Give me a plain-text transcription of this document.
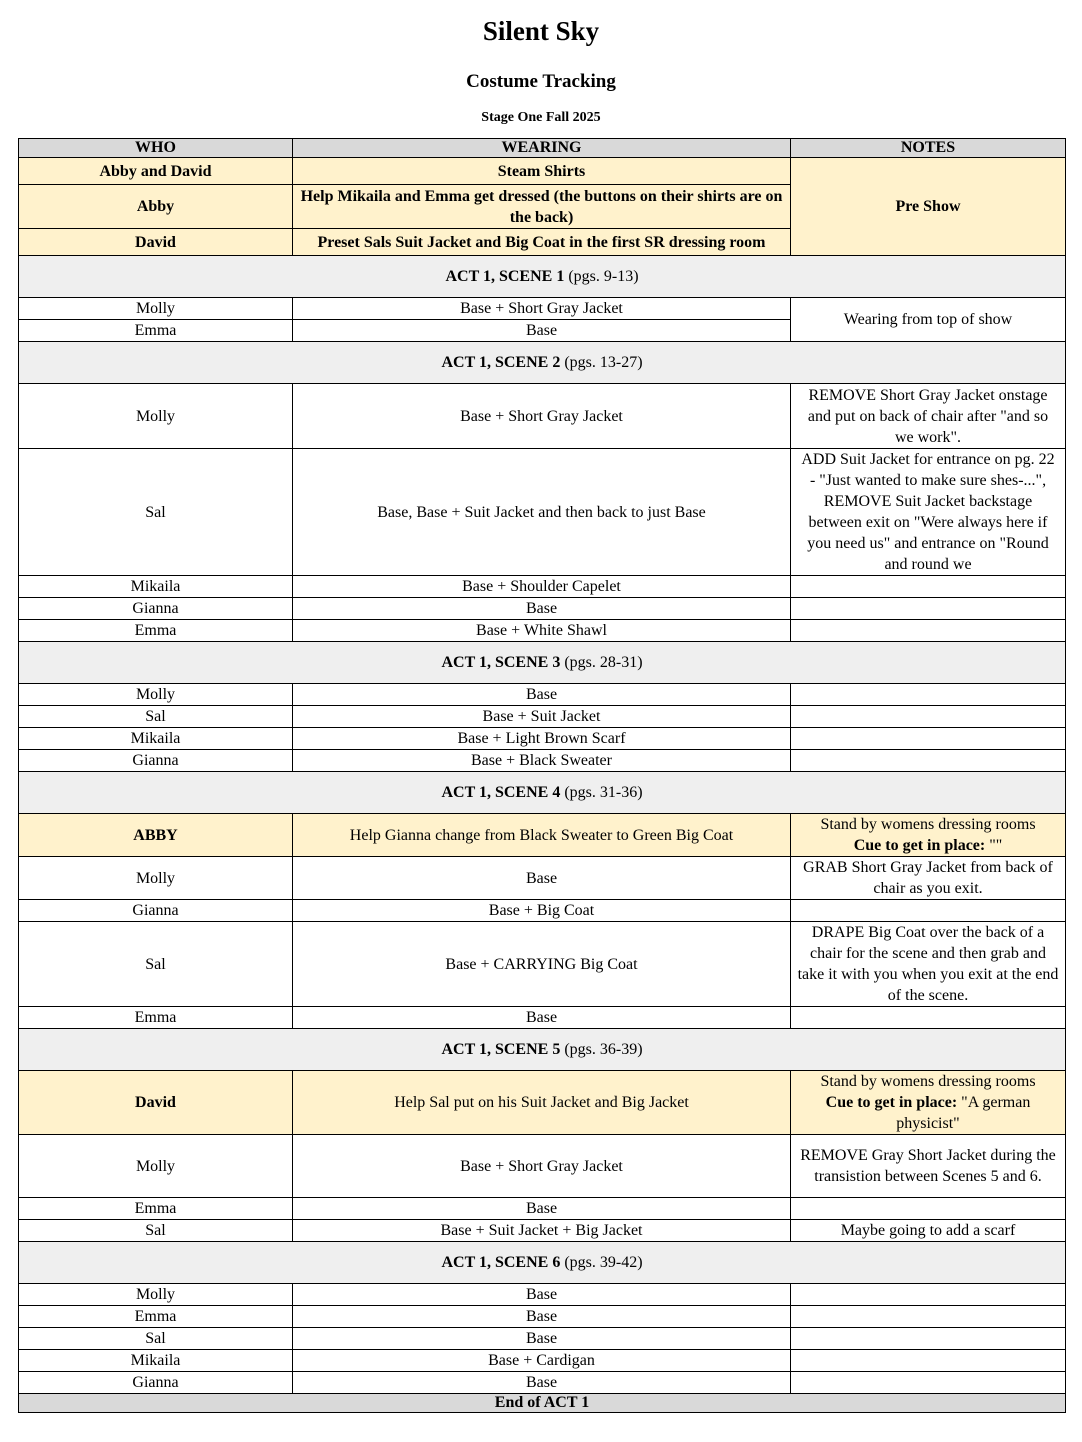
Silent Sky
Costume Tracking
Stage One Fall 2025
WHO	WEARING	NOTES
Abby and David	Steam Shirts	Pre Show
Abby	Help Mikaila and Emma get dressed (the buttons on their shirts are on the back)	
David	Preset Sals Suit Jacket and Big Coat in the first SR dressing room	
ACT 1, SCENE 1 (pgs. 9-13)		
Molly	Base + Short Gray Jacket	Wearing from top of show
Emma	Base	
ACT 1, SCENE 2 (pgs. 13-27)		
Molly	Base + Short Gray Jacket	REMOVE Short Gray Jacket onstage and put on back of chair after "and so we work".
Sal	Base, Base + Suit Jacket and then back to just Base	ADD Suit Jacket for entrance on pg. 22 - "Just wanted to make sure shes-...", REMOVE Suit Jacket backstage between exit on "Were always here if you need us" and entrance on "Round and round we

Mikaila	Base + Shoulder Capelet	
Gianna	Base	
Emma	Base + White Shawl	
ACT 1, SCENE 3 (pgs. 28-31)		
Molly	Base	
Sal	Base + Suit Jacket	
Mikaila	Base + Light Brown Scarf	
Gianna	Base + Black Sweater	
ACT 1, SCENE 4 (pgs. 31-36)		
ABBY	Help Gianna change from Black Sweater to Green Big Coat	Stand by womens dressing rooms
Cue to get in place: ""
Molly	Base	GRAB Short Gray Jacket from back of chair as you exit.
Gianna	Base + Big Coat	
Sal	Base + CARRYING Big Coat	DRAPE Big Coat over the back of a chair for the scene and then grab and take it with you when you exit at the end of the scene.
Emma	Base	
ACT 1, SCENE 5 (pgs. 36-39)		
David	Help Sal put on his Suit Jacket and Big Jacket	Stand by womens dressing rooms
Cue to get in place: "A german physicist"
Molly	Base + Short Gray Jacket	REMOVE Gray Short Jacket during the transistion between Scenes 5 and 6.
Emma	Base	
Sal	Base + Suit Jacket + Big Jacket	Maybe going to add a scarf
ACT 1, SCENE 6 (pgs. 39-42)		
Molly	Base	
Emma	Base	
Sal	Base	
Mikaila	Base + Cardigan	
Gianna	Base	
End of ACT 1		
